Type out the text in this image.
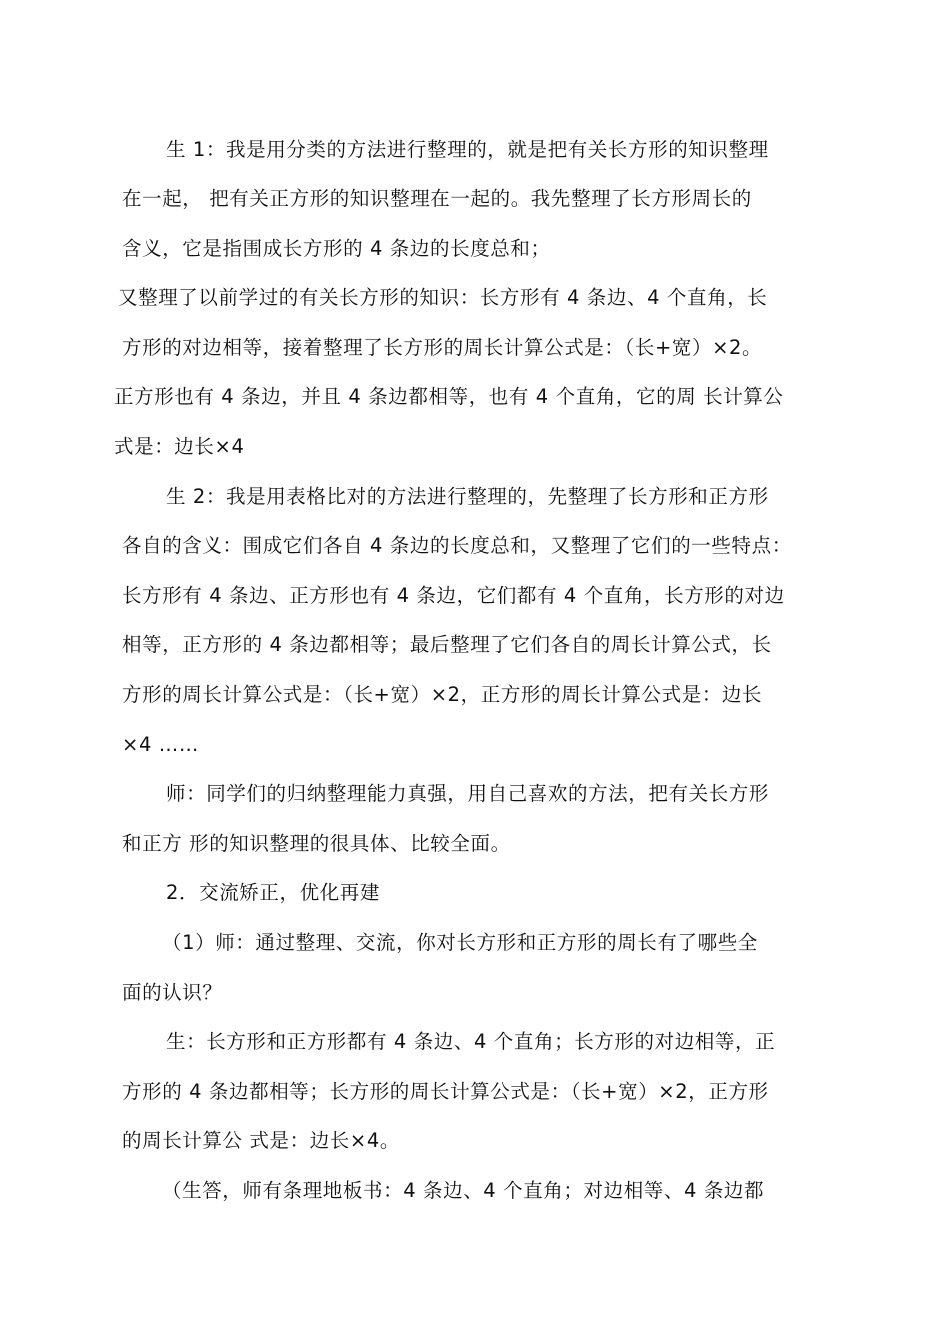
生 1：我是用分类的方法进行整理的，就是把有关长方形的知识整理
在一起， 把有关正方形的知识整理在一起的。我先整理了长方形周长的
含义，它是指围成长方形的 4 条边的长度总和；
又整理了以前学过的有关长方形的知识：长方形有 4 条边、4 个直角，长
方形的对边相等，接着整理了长方形的周长计算公式是：（长+宽）×2。
正方形也有 4 条边，并且 4 条边都相等，也有 4 个直角，它的周 长计算公
式是：边长×4
生 2：我是用表格比对的方法进行整理的，先整理了长方形和正方形
各自的含义：围成它们各自 4 条边的长度总和，又整理了它们的一些特点：
长方形有 4 条边、正方形也有 4 条边，它们都有 4 个直角，长方形的对边
相等，正方形的 4 条边都相等；最后整理了它们各自的周长计算公式，长
方形的周长计算公式是：（长+宽）×2，正方形的周长计算公式是：边长
×4 ……
师：同学们的归纳整理能力真强，用自己喜欢的方法，把有关长方形
和正方 形的知识整理的很具体、比较全面。
2．交流矫正，优化再建
（1）师：通过整理、交流，你对长方形和正方形的周长有了哪些全
面的认识？
生：长方形和正方形都有 4 条边、4 个直角；长方形的对边相等，正
方形的 4 条边都相等；长方形的周长计算公式是：（长+宽）×2，正方形
的周长计算公 式是：边长×4。
（生答，师有条理地板书：4 条边、4 个直角；对边相等、4 条边都
